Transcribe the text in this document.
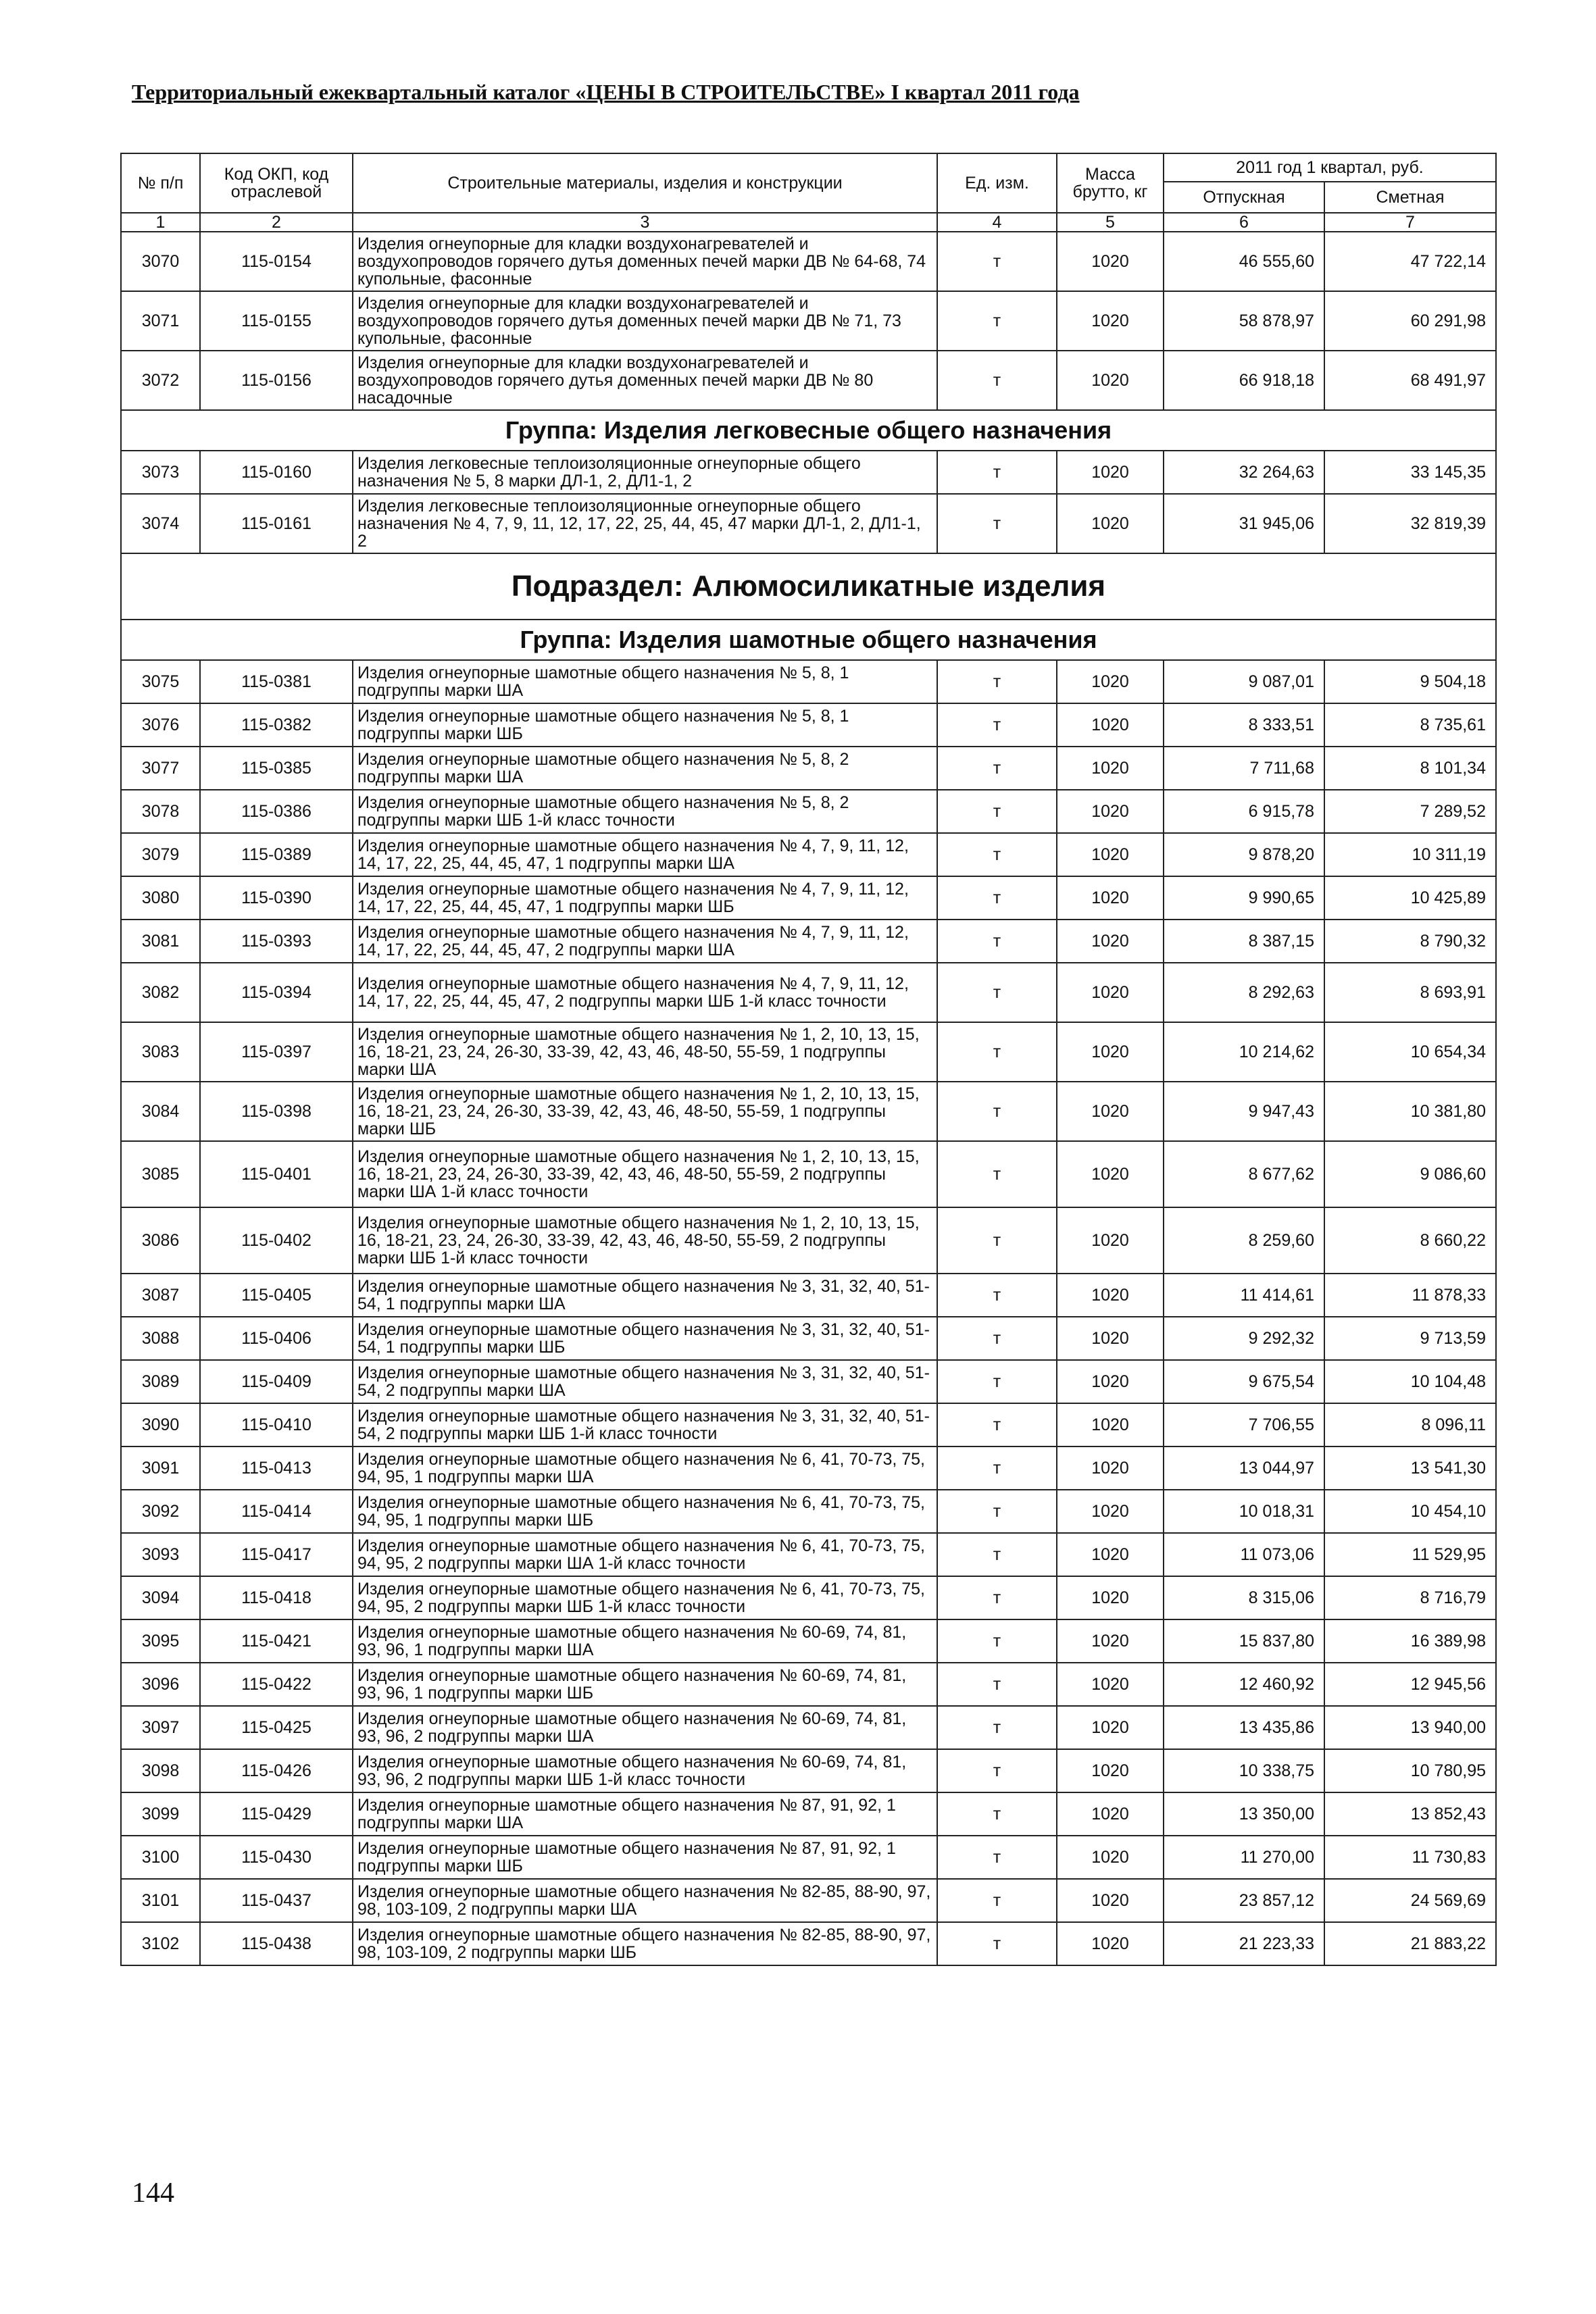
Территориальный ежеквартальный каталог «ЦЕНЫ В СТРОИТЕЛЬСТВЕ» I квартал 2011 года
№ п/п	Код ОКП, код отраслевой	Строительные материалы, изделия и конструкции	Ед. изм.	Масса брутто, кг	2011 год 1 квартал, руб.	
					Отпускная	Сметная
1	2	3	4	5	6	7
3070	115-0154	Изделия огнеупорные для кладки воздухонагревателей и воздухопроводов горячего дутья доменных печей марки ДВ № 64-68, 74 купольные, фасонные	т	1020	46 555,60	47 722,14
3071	115-0155	Изделия огнеупорные для кладки воздухонагревателей и воздухопроводов горячего дутья доменных печей марки ДВ № 71, 73 купольные, фасонные	т	1020	58 878,97	60 291,98
3072	115-0156	Изделия огнеупорные для кладки воздухонагревателей и воздухопроводов горячего дутья доменных печей марки ДВ № 80 насадочные	т	1020	66 918,18	68 491,97
Группа: Изделия легковесные общего назначения						
3073	115-0160	Изделия легковесные теплоизоляционные огнеупорные общего назначения № 5, 8 марки ДЛ-1, 2, ДЛ1-1, 2	т	1020	32 264,63	33 145,35
3074	115-0161	Изделия легковесные теплоизоляционные огнеупорные общего назначения № 4, 7, 9, 11, 12, 17, 22, 25, 44, 45, 47 марки ДЛ-1, 2, ДЛ1-1, 2	т	1020	31 945,06	32 819,39
Подраздел: Алюмосиликатные изделия						
Группа: Изделия шамотные общего назначения						
3075	115-0381	Изделия огнеупорные шамотные общего назначения № 5, 8, 1 подгруппы марки ША	т	1020	9 087,01	9 504,18
3076	115-0382	Изделия огнеупорные шамотные общего назначения № 5, 8, 1 подгруппы марки ШБ	т	1020	8 333,51	8 735,61
3077	115-0385	Изделия огнеупорные шамотные общего назначения № 5, 8, 2 подгруппы марки ША	т	1020	7 711,68	8 101,34
3078	115-0386	Изделия огнеупорные шамотные общего назначения № 5, 8, 2 подгруппы марки ШБ 1-й класс точности	т	1020	6 915,78	7 289,52
3079	115-0389	Изделия огнеупорные шамотные общего назначения № 4, 7, 9, 11, 12, 14, 17, 22, 25, 44, 45, 47, 1 подгруппы марки ША	т	1020	9 878,20	10 311,19
3080	115-0390	Изделия огнеупорные шамотные общего назначения № 4, 7, 9, 11, 12, 14, 17, 22, 25, 44, 45, 47, 1 подгруппы марки ШБ	т	1020	9 990,65	10 425,89
3081	115-0393	Изделия огнеупорные шамотные общего назначения № 4, 7, 9, 11, 12, 14, 17, 22, 25, 44, 45, 47, 2 подгруппы марки ША	т	1020	8 387,15	8 790,32
3082	115-0394	Изделия огнеупорные шамотные общего назначения № 4, 7, 9, 11, 12, 14, 17, 22, 25, 44, 45, 47, 2 подгруппы марки ШБ 1-й класс точности	т	1020	8 292,63	8 693,91
3083	115-0397	Изделия огнеупорные шамотные общего назначения № 1, 2, 10, 13, 15, 16, 18-21, 23, 24, 26-30, 33-39, 42, 43, 46, 48-50, 55-59, 1 подгруппы марки ША	т	1020	10 214,62	10 654,34
3084	115-0398	Изделия огнеупорные шамотные общего назначения № 1, 2, 10, 13, 15, 16, 18-21, 23, 24, 26-30, 33-39, 42, 43, 46, 48-50, 55-59, 1 подгруппы марки ШБ	т	1020	9 947,43	10 381,80
3085	115-0401	Изделия огнеупорные шамотные общего назначения № 1, 2, 10, 13, 15, 16, 18-21, 23, 24, 26-30, 33-39, 42, 43, 46, 48-50, 55-59, 2 подгруппы марки ША 1-й класс точности	т	1020	8 677,62	9 086,60
3086	115-0402	Изделия огнеупорные шамотные общего назначения № 1, 2, 10, 13, 15, 16, 18-21, 23, 24, 26-30, 33-39, 42, 43, 46, 48-50, 55-59, 2 подгруппы марки ШБ 1-й класс точности	т	1020	8 259,60	8 660,22
3087	115-0405	Изделия огнеупорные шамотные общего назначения № 3, 31, 32, 40, 51-54, 1 подгруппы марки ША	т	1020	11 414,61	11 878,33
3088	115-0406	Изделия огнеупорные шамотные общего назначения № 3, 31, 32, 40, 51-54, 1 подгруппы марки ШБ	т	1020	9 292,32	9 713,59
3089	115-0409	Изделия огнеупорные шамотные общего назначения № 3, 31, 32, 40, 51-54, 2 подгруппы марки ША	т	1020	9 675,54	10 104,48
3090	115-0410	Изделия огнеупорные шамотные общего назначения № 3, 31, 32, 40, 51-54, 2 подгруппы марки ШБ 1-й класс точности	т	1020	7 706,55	8 096,11
3091	115-0413	Изделия огнеупорные шамотные общего назначения № 6, 41, 70-73, 75, 94, 95, 1 подгруппы марки ША	т	1020	13 044,97	13 541,30
3092	115-0414	Изделия огнеупорные шамотные общего назначения № 6, 41, 70-73, 75, 94, 95, 1 подгруппы марки ШБ	т	1020	10 018,31	10 454,10
3093	115-0417	Изделия огнеупорные шамотные общего назначения № 6, 41, 70-73, 75, 94, 95, 2 подгруппы марки ША 1-й класс точности	т	1020	11 073,06	11 529,95
3094	115-0418	Изделия огнеупорные шамотные общего назначения № 6, 41, 70-73, 75, 94, 95, 2 подгруппы марки ШБ 1-й класс точности	т	1020	8 315,06	8 716,79
3095	115-0421	Изделия огнеупорные шамотные общего назначения № 60-69, 74, 81, 93, 96, 1 подгруппы марки ША	т	1020	15 837,80	16 389,98
3096	115-0422	Изделия огнеупорные шамотные общего назначения № 60-69, 74, 81, 93, 96, 1 подгруппы марки ШБ	т	1020	12 460,92	12 945,56
3097	115-0425	Изделия огнеупорные шамотные общего назначения № 60-69, 74, 81, 93, 96, 2 подгруппы марки ША	т	1020	13 435,86	13 940,00
3098	115-0426	Изделия огнеупорные шамотные общего назначения № 60-69, 74, 81, 93, 96, 2 подгруппы марки ШБ 1-й класс точности	т	1020	10 338,75	10 780,95
3099	115-0429	Изделия огнеупорные шамотные общего назначения № 87, 91, 92, 1 подгруппы марки ША	т	1020	13 350,00	13 852,43
3100	115-0430	Изделия огнеупорные шамотные общего назначения № 87, 91, 92, 1 подгруппы марки ШБ	т	1020	11 270,00	11 730,83
3101	115-0437	Изделия огнеупорные шамотные общего назначения № 82-85, 88-90, 97, 98, 103-109, 2 подгруппы марки ША	т	1020	23 857,12	24 569,69
3102	115-0438	Изделия огнеупорные шамотные общего назначения № 82-85, 88-90, 97, 98, 103-109, 2 подгруппы марки ШБ	т	1020	21 223,33	21 883,22
144
